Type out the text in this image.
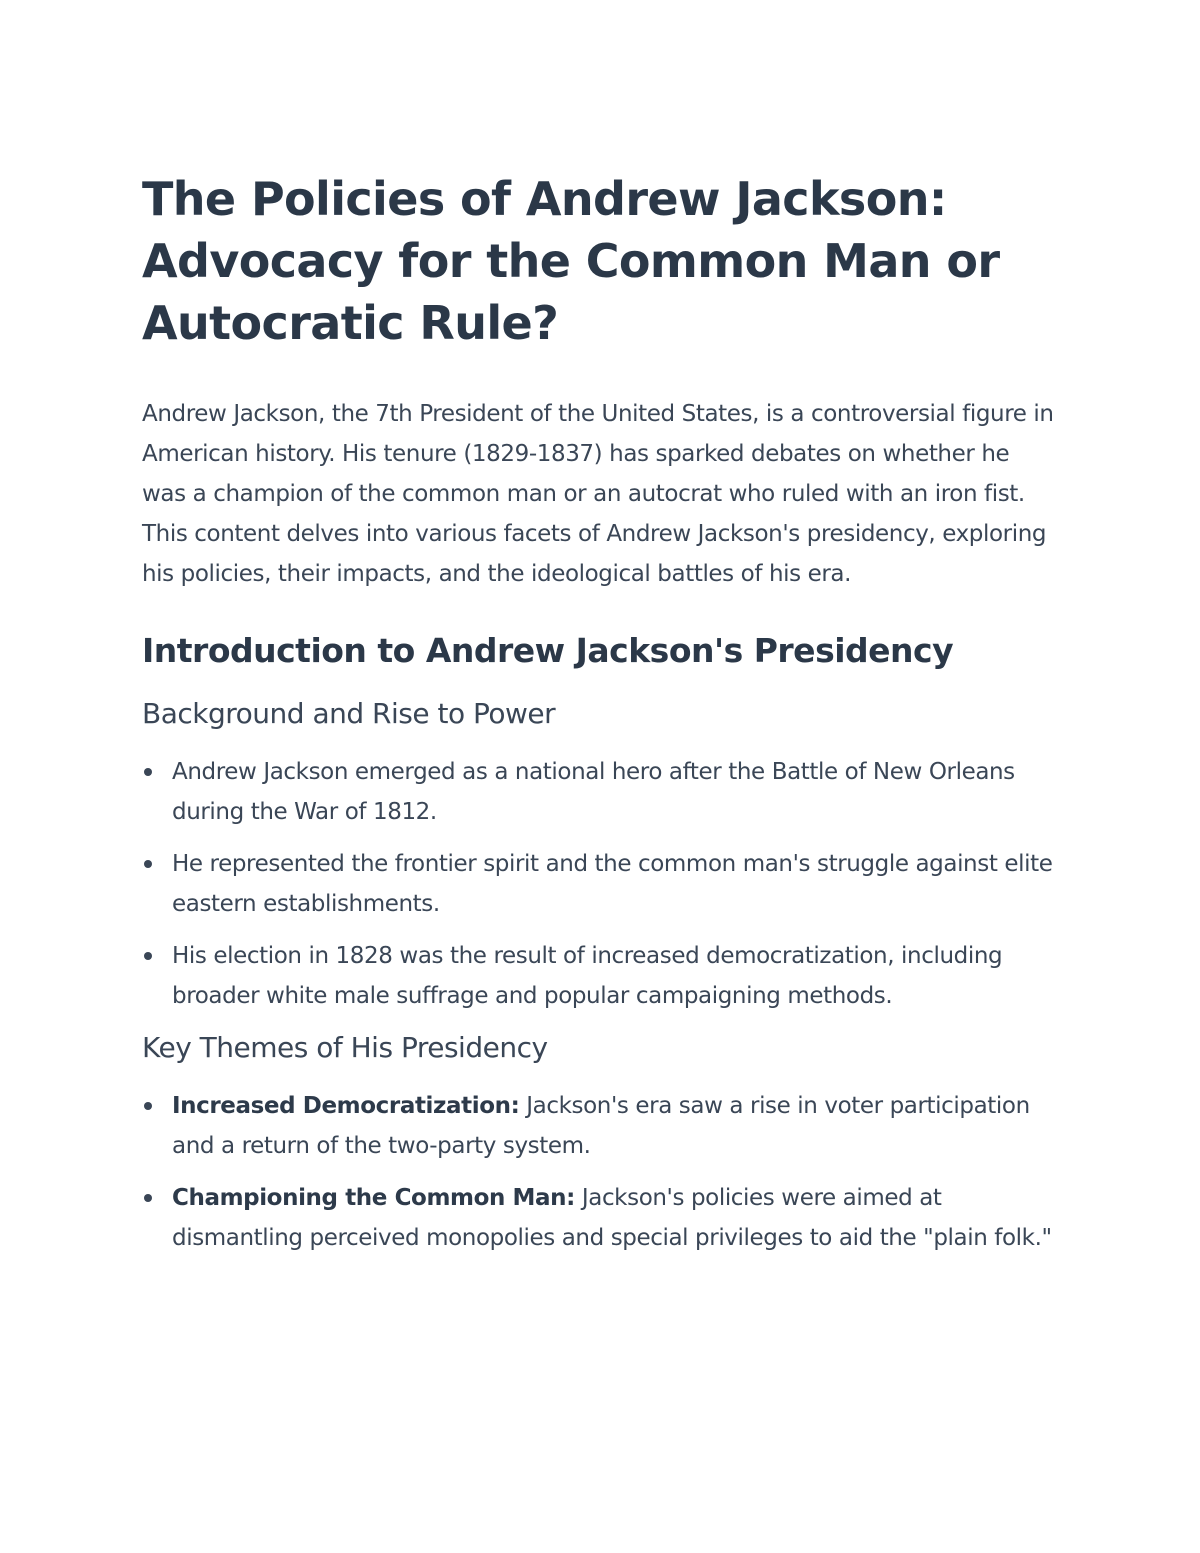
The Policies of Andrew Jackson: Advocacy for the Common Man or Autocratic Rule?

Andrew Jackson, the 7th President of the United States, is a controversial figure in American history. His tenure (1829-1837) has sparked debates on whether he was a champion of the common man or an autocrat who ruled with an iron fist. This content delves into various facets of Andrew Jackson's presidency, exploring his policies, their impacts, and the ideological battles of his era.

Introduction to Andrew Jackson's Presidency
Background and Rise to Power
Andrew Jackson emerged as a national hero after the Battle of New Orleans during the War of 1812.
He represented the frontier spirit and the common man's struggle against elite eastern establishments.
His election in 1828 was the result of increased democratization, including broader white male suffrage and popular campaigning methods.
Key Themes of His Presidency
Increased Democratization: Jackson's era saw a rise in voter participation and a return of the two-party system.
Championing the Common Man: Jackson's policies were aimed at dismantling perceived monopolies and special privileges to aid the "plain folk."
